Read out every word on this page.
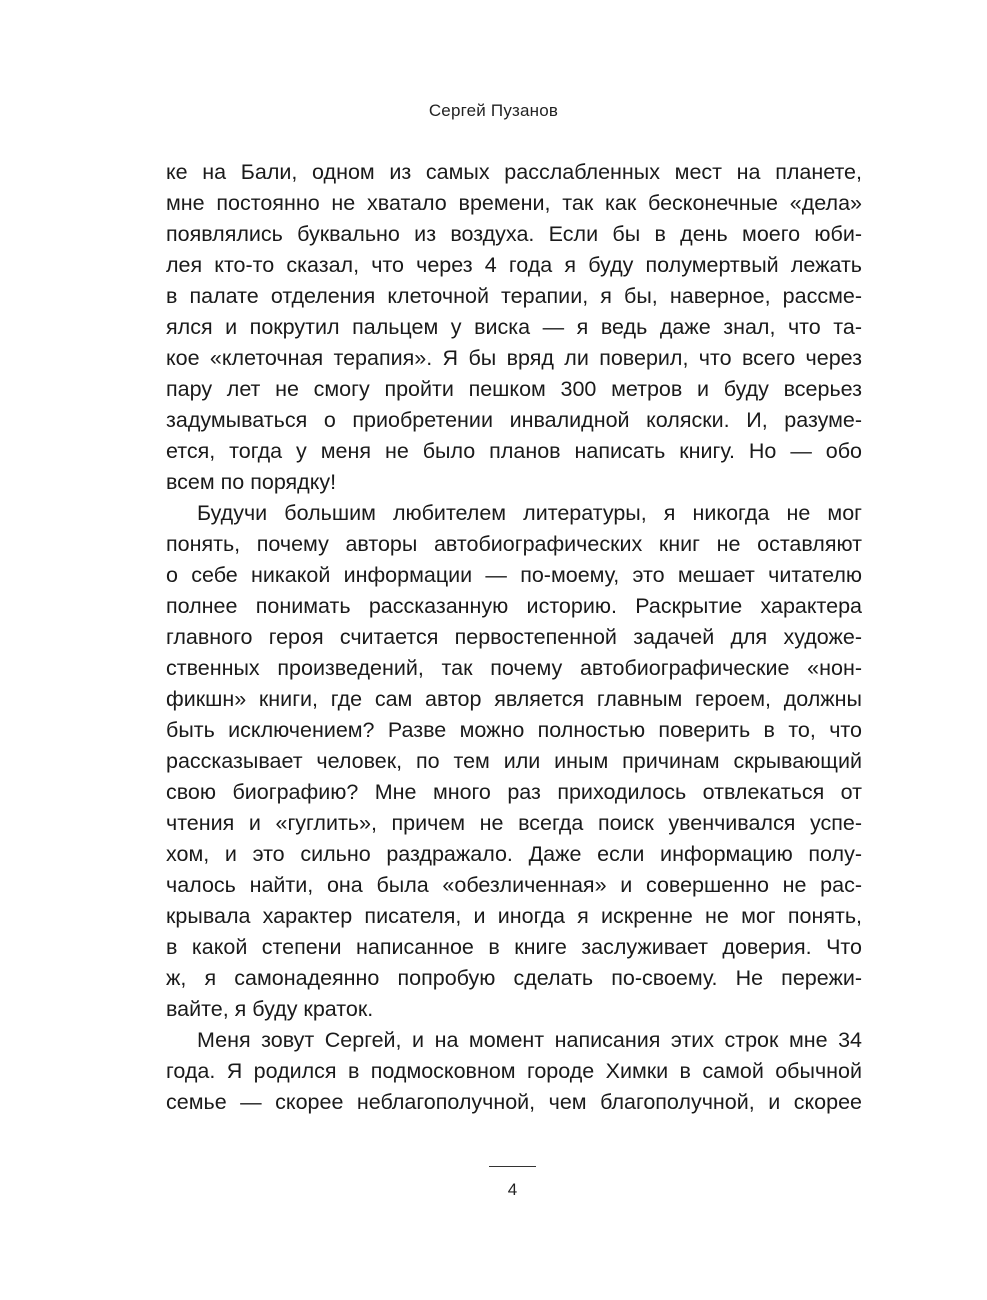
Сергей Пузанов
ке на Бали, одном из самых расслабленных мест на планете,
мне постоянно не хватало времени, так как бесконечные «дела»
появлялись буквально из воздуха. Если бы в день моего юби-
лея кто-то сказал, что через 4 года я буду полумертвый лежать
в палате отделения клеточной терапии, я бы, наверное, рассме-
ялся и покрутил пальцем у виска — я ведь даже знал, что та-
кое «клеточная терапия». Я бы вряд ли поверил, что всего через
пару лет не смогу пройти пешком 300 метров и буду всерьез
задумываться о приобретении инвалидной коляски. И, разуме-
ется, тогда у меня не было планов написать книгу. Но — обо
всем по порядку!
Будучи большим любителем литературы, я никогда не мог
понять, почему авторы автобиографических книг не оставляют
о себе никакой информации — по-моему, это мешает читателю
полнее понимать рассказанную историю. Раскрытие характера
главного героя считается первостепенной задачей для художе-
ственных произведений, так почему автобиографические «нон-
фикшн» книги, где сам автор является главным героем, должны
быть исключением? Разве можно полностью поверить в то, что
рассказывает человек, по тем или иным причинам скрывающий
свою биографию? Мне много раз приходилось отвлекаться от
чтения и «гуглить», причем не всегда поиск увенчивался успе-
хом, и это сильно раздражало. Даже если информацию полу-
чалось найти, она была «обезличенная» и совершенно не рас-
крывала характер писателя, и иногда я искренне не мог понять,
в какой степени написанное в книге заслуживает доверия. Что
ж, я самонадеянно попробую сделать по-своему. Не пережи-
вайте, я буду краток.
Меня зовут Сергей, и на момент написания этих строк мне 34
года. Я родился в подмосковном городе Химки в самой обычной
семье — скорее неблагополучной, чем благополучной, и скорее
4
